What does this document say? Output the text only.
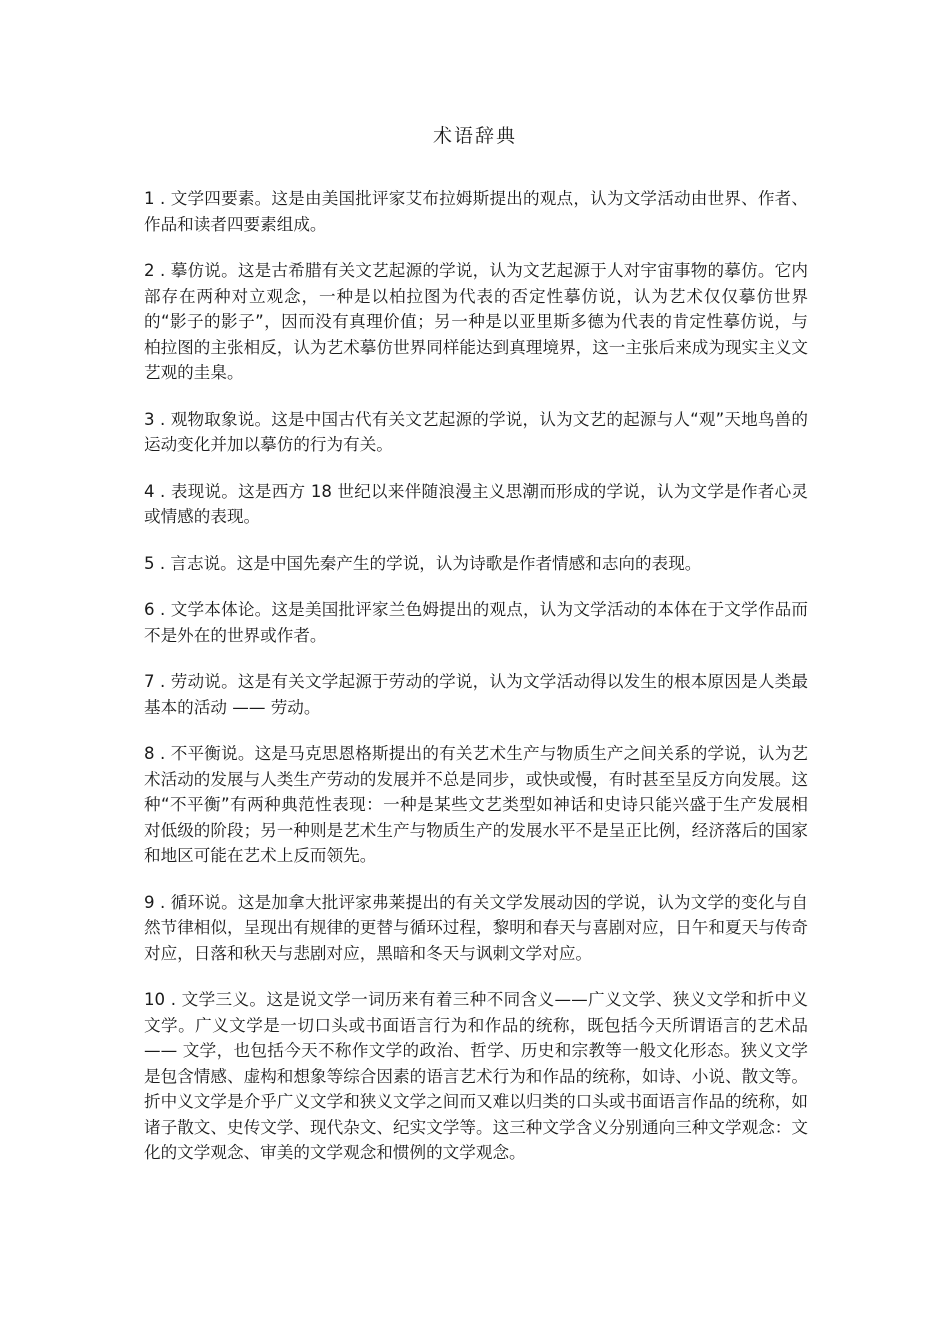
术语辞典

1 . 文学四要素。这是由美国批评家艾布拉姆斯提出的观点，认为文学活动由世界、作者、作品和读者四要素组成。

2 . 摹仿说。这是古希腊有关文艺起源的学说，认为文艺起源于人对宇宙事物的摹仿。它内部存在两种对立观念，一种是以柏拉图为代表的否定性摹仿说，认为艺术仅仅摹仿世界的“影子的影子”，因而没有真理价值；另一种是以亚里斯多德为代表的肯定性摹仿说，与柏拉图的主张相反，认为艺术摹仿世界同样能达到真理境界，这一主张后来成为现实主义文艺观的圭臬。

3 . 观物取象说。这是中国古代有关文艺起源的学说，认为文艺的起源与人“观”天地鸟兽的运动变化并加以摹仿的行为有关。

4 . 表现说。这是西方 18 世纪以来伴随浪漫主义思潮而形成的学说，认为文学是作者心灵或情感的表现。

5 . 言志说。这是中国先秦产生的学说，认为诗歌是作者情感和志向的表现。

6 . 文学本体论。这是美国批评家兰色姆提出的观点，认为文学活动的本体在于文学作品而不是外在的世界或作者。

7 . 劳动说。这是有关文学起源于劳动的学说，认为文学活动得以发生的根本原因是人类最基本的活动 —— 劳动。

8 . 不平衡说。这是马克思恩格斯提出的有关艺术生产与物质生产之间关系的学说，认为艺术活动的发展与人类生产劳动的发展并不总是同步，或快或慢，有时甚至呈反方向发展。这种“不平衡”有两种典范性表现：一种是某些文艺类型如神话和史诗只能兴盛于生产发展相对低级的阶段；另一种则是艺术生产与物质生产的发展水平不是呈正比例，经济落后的国家和地区可能在艺术上反而领先。

9 . 循环说。这是加拿大批评家弗莱提出的有关文学发展动因的学说，认为文学的变化与自然节律相似，呈现出有规律的更替与循环过程，黎明和春天与喜剧对应，日午和夏天与传奇对应，日落和秋天与悲剧对应，黑暗和冬天与讽刺文学对应。

10 . 文学三义。这是说文学一词历来有着三种不同含义——广义文学、狭义文学和折中义文学。广义文学是一切口头或书面语言行为和作品的统称，既包括今天所谓语言的艺术品 —— 文学，也包括今天不称作文学的政治、哲学、历史和宗教等一般文化形态。狭义文学是包含情感、虚构和想象等综合因素的语言艺术行为和作品的统称，如诗、小说、散文等。折中义文学是介乎广义文学和狭义文学之间而又难以归类的口头或书面语言作品的统称，如诸子散文、史传文学、现代杂文、纪实文学等。这三种文学含义分别通向三种文学观念：文化的文学观念、审美的文学观念和惯例的文学观念。
